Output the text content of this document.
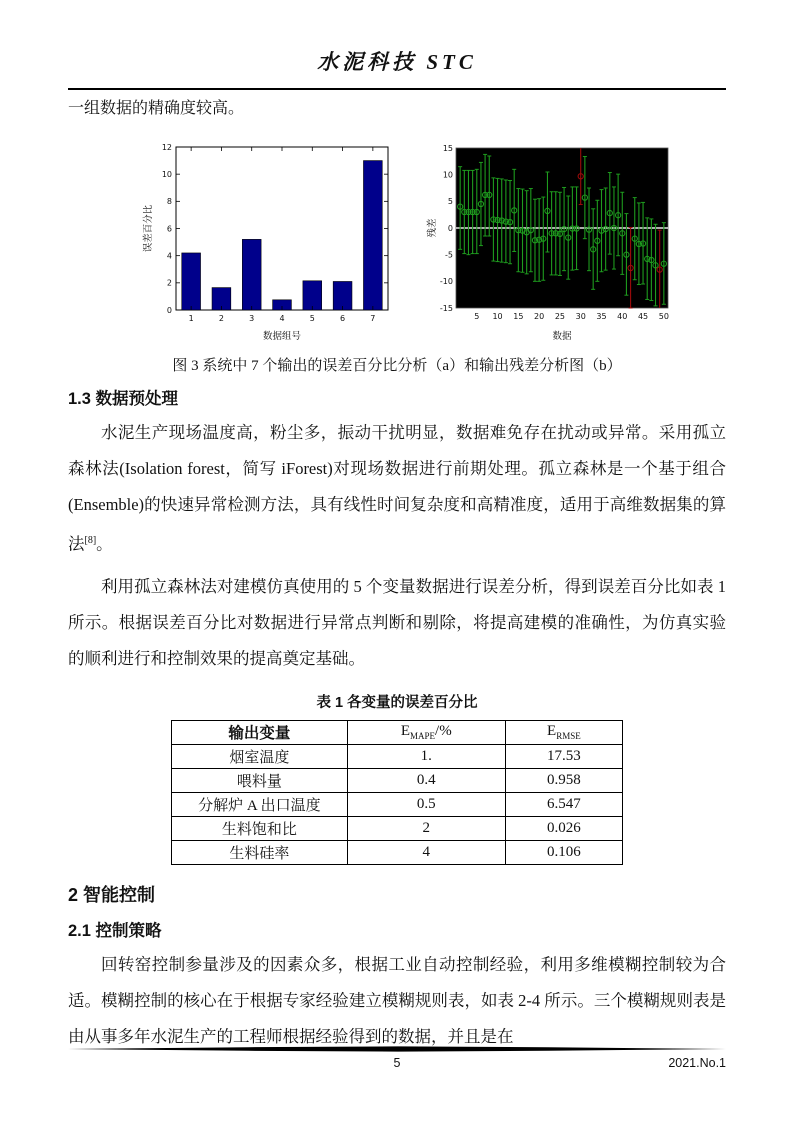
水泥科技 STC

一组数据的精确度较高。

0
2
4
6
8
10
12
1	2	3	4	5	6	7
误差百分比
数据组号
-15
-10
-5
0
5
10
15
5 10 15 20 25 30 35 40 45 50
残差
数据
图 3 系统中 7 个输出的误差百分比分析（a）和输出残差分析图（b）
1.3 数据预处理

水泥生产现场温度高，粉尘多，振动干扰明显，数据难免存在扰动或异常。采用孤立森林法(Isolation forest，简写 iForest)对现场数据进行前期处理。孤立森林是一个基于组合(Ensemble)的快速异常检测方法，具有线性时间复杂度和高精准度，适用于高维数据集的算法[8]。

利用孤立森林法对建模仿真使用的 5 个变量数据进行误差分析，得到误差百分比如表 1 所示。根据误差百分比对数据进行异常点判断和剔除，将提高建模的准确性，为仿真实验的顺利进行和控制效果的提高奠定基础。

表 1 各变量的误差百分比
输出变量	$E_{MAPE}/\%$	$E_{RMSE}$
烟室温度	1.	17.53
喂料量	0.4	0.958
分解炉 A 出口温度	0.5	6.547
生料饱和比	2	0.026
生料硅率	4	0.106
2 智能控制
2.1 控制策略

回转窑控制参量涉及的因素众多，根据工业自动控制经验，利用多维模糊控制较为合适。模糊控制的核心在于根据专家经验建立模糊规则表，如表 2-4 所示。三个模糊规则表是由从事多年水泥生产的工程师根据经验得到的数据，并且是在

5	2021.No.1
